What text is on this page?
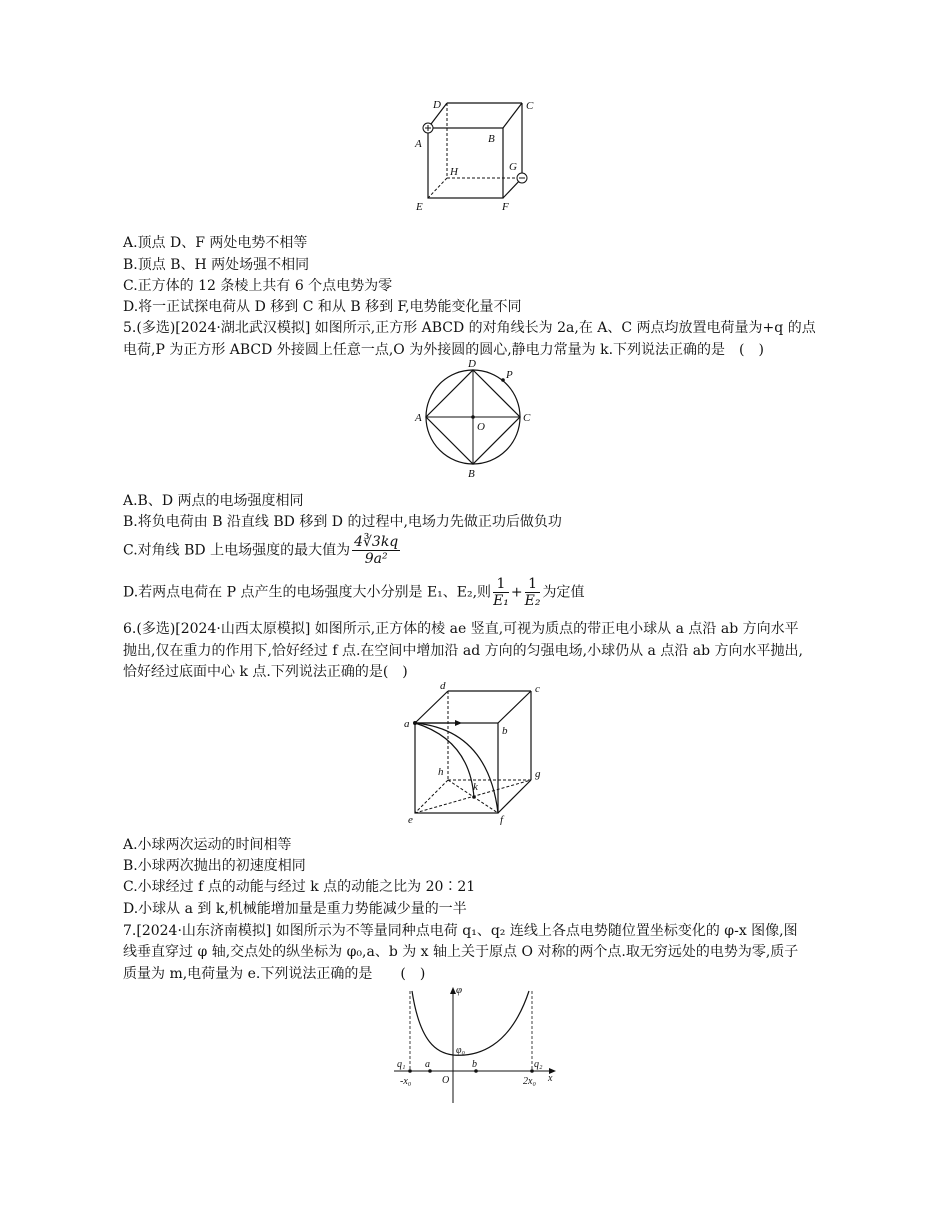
D	C
A	B
H	G
E	F
A.顶点 D、F 两处电势不相等
B.顶点 B、H 两处场强不相同
C.正方体的 12 条棱上共有 6 个点电势为零
D.将一正试探电荷从 D 移到 C 和从 B 移到 F,电势能变化量不同
5.(多选)[2024·湖北武汉模拟] 如图所示,正方形 ABCD 的对角线长为 2a,在 A、C 两点均放置电荷量为+q 的点
电荷,P 为正方形 ABCD 外接圆上任意一点,O 为外接圆的圆心,静电力常量为 k.下列说法正确的是　(　)
D
P
A
O
C
B
A.B、D 两点的电场强度相同
B.将负电荷由 B 沿直线 BD 移到 D 的过程中,电场力先做正功后做负功
C.对角线 BD 上电场强度的最大值为 $\frac{4∛3kq}{\text{9a²}}$
D.若两点电荷在 P 点产生的电场强度大小分别是 E₁、E₂,则 $\frac{1}{\text{E₁}} + \frac{1}{\text{E₂}}$ 为定值
6.(多选)[2024·山西太原模拟] 如图所示,正方体的棱 ae 竖直,可视为质点的带正电小球从 a 点沿 ab 方向水平
抛出,仅在重力的作用下,恰好经过 f 点.在空间中增加沿 ad 方向的匀强电场,小球仍从 a 点沿 ab 方向水平抛出,
恰好经过底面中心 k 点.下列说法正确的是(　)
d	c
a
b
h	g
k
e	f
A.小球两次运动的时间相等
B.小球两次抛出的初速度相同
C.小球经过 f 点的动能与经过 k 点的动能之比为 20∶21
D.小球从 a 到 k,机械能增加量是重力势能减少量的一半
7.[2024·山东济南模拟] 如图所示为不等量同种点电荷 q₁、q₂ 连线上各点电势随位置坐标变化的 φ-x 图像,图
线垂直穿过 φ 轴,交点处的纵坐标为 φ₀,a、b 为 x 轴上关于原点 O 对称的两个点.取无穷远处的电势为零,质子
质量为 m,电荷量为 e.下列说法正确的是　　(　)
φ
φ₀
q₁	q₂
a	b
O
-x₀	2x₀ x
